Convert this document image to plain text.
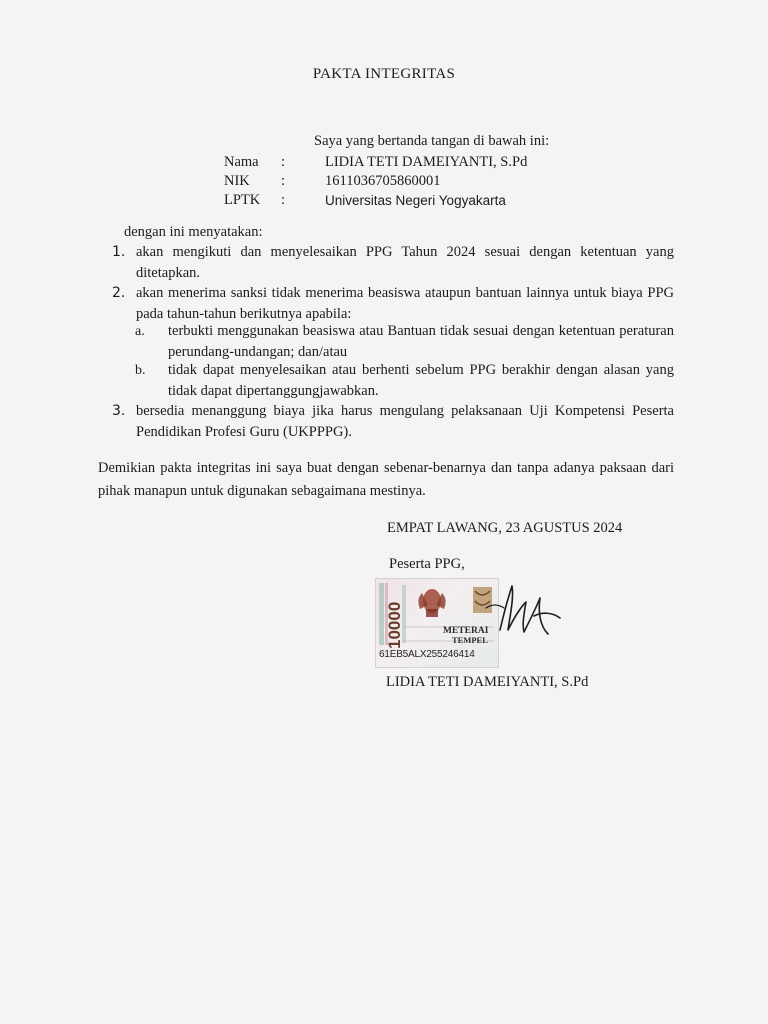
PAKTA INTEGRITAS
Saya yang bertanda tangan di bawah ini:
Nama :	LIDIA TETI DAMEIYANTI, S.Pd
NIK :	1611036705860001
LPTK :	Universitas Negeri Yogyakarta
dengan ini menyatakan:
1. akan mengikuti dan menyelesaikan PPG Tahun 2024 sesuai dengan ketentuan yang ditetapkan.
2. akan menerima sanksi tidak menerima beasiswa ataupun bantuan lainnya untuk biaya PPG pada tahun-tahun berikutnya apabila:
a. terbukti menggunakan beasiswa atau Bantuan tidak sesuai dengan ketentuan peraturan perundang-undangan; dan/atau
b. tidak dapat menyelesaikan atau berhenti sebelum PPG berakhir dengan alasan yang tidak dapat dipertanggungjawabkan.
3. bersedia menanggung biaya jika harus mengulang pelaksanaan Uji Kompetensi Peserta Pendidikan Profesi Guru (UKPPPG).
Demikian pakta integritas ini saya buat dengan sebenar-benarnya dan tanpa adanya paksaan dari pihak manapun untuk digunakan sebagaimana mestinya.
EMPAT LAWANG, 23 AGUSTUS 2024
Peserta PPG,
10000	METERAI
TEMPEL
61EB5ALX255246414
LIDIA TETI DAMEIYANTI, S.Pd
